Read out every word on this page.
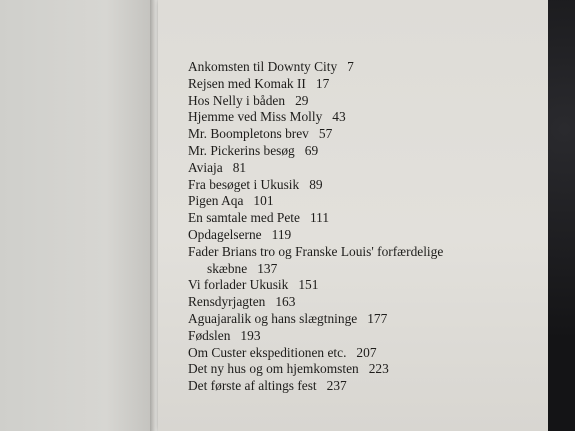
Ankomsten til Downty City 7
Rejsen med Komak II 17
Hos Nelly i båden 29
Hjemme ved Miss Molly 43
Mr. Boompletons brev 57
Mr. Pickerins besøg 69
Aviaja 81
Fra besøget i Ukusik 89
Pigen Aqa 101
En samtale med Pete 111
Opdagelserne 119
Fader Brians tro og Franske Louis' forfærdelige
skæbne 137
Vi forlader Ukusik 151
Rensdyrjagten 163
Aguajaralik og hans slægtninge 177
Fødslen 193
Om Custer ekspeditionen etc. 207
Det ny hus og om hjemkomsten 223
Det første af altings fest 237
